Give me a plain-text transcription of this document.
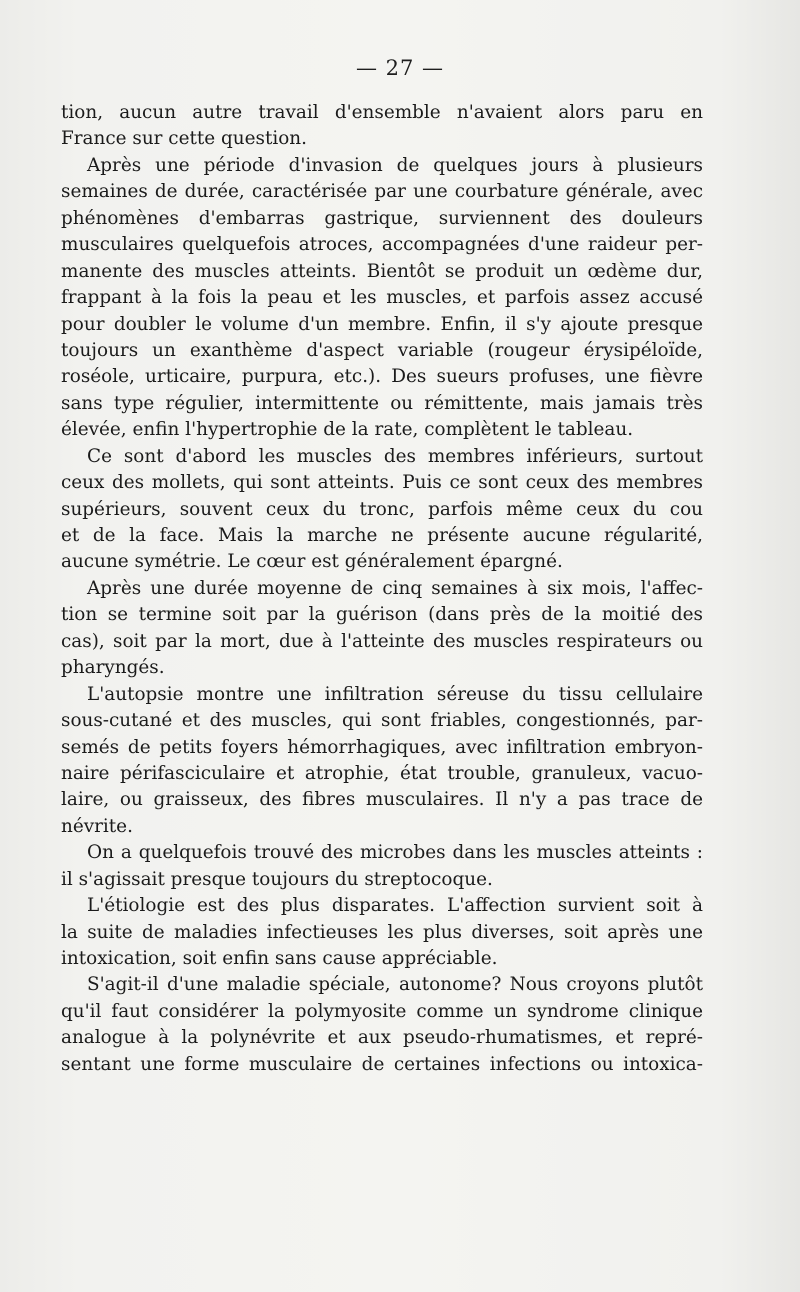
— 27 —
tion, aucun autre travail d'ensemble n'avaient alors paru en
France sur cette question.
Après une période d'invasion de quelques jours à plusieurs
semaines de durée, caractérisée par une courbature générale, avec
phénomènes d'embarras gastrique, surviennent des douleurs
musculaires quelquefois atroces, accompagnées d'une raideur per-
manente des muscles atteints. Bientôt se produit un œdème dur,
frappant à la fois la peau et les muscles, et parfois assez accusé
pour doubler le volume d'un membre. Enfin, il s'y ajoute presque
toujours un exanthème d'aspect variable (rougeur érysipéloïde,
roséole, urticaire, purpura, etc.). Des sueurs profuses, une fièvre
sans type régulier, intermittente ou rémittente, mais jamais très
élevée, enfin l'hypertrophie de la rate, complètent le tableau.
Ce sont d'abord les muscles des membres inférieurs, surtout
ceux des mollets, qui sont atteints. Puis ce sont ceux des membres
supérieurs, souvent ceux du tronc, parfois même ceux du cou
et de la face. Mais la marche ne présente aucune régularité,
aucune symétrie. Le cœur est généralement épargné.
Après une durée moyenne de cinq semaines à six mois, l'affec-
tion se termine soit par la guérison (dans près de la moitié des
cas), soit par la mort, due à l'atteinte des muscles respirateurs ou
pharyngés.
L'autopsie montre une infiltration séreuse du tissu cellulaire
sous-cutané et des muscles, qui sont friables, congestionnés, par-
semés de petits foyers hémorrhagiques, avec infiltration embryon-
naire périfasciculaire et atrophie, état trouble, granuleux, vacuo-
laire, ou graisseux, des fibres musculaires. Il n'y a pas trace de
névrite.
On a quelquefois trouvé des microbes dans les muscles atteints :
il s'agissait presque toujours du streptocoque.
L'étiologie est des plus disparates. L'affection survient soit à
la suite de maladies infectieuses les plus diverses, soit après une
intoxication, soit enfin sans cause appréciable.
S'agit-il d'une maladie spéciale, autonome? Nous croyons plutôt
qu'il faut considérer la polymyosite comme un syndrome clinique
analogue à la polynévrite et aux pseudo-rhumatismes, et repré-
sentant une forme musculaire de certaines infections ou intoxica-
